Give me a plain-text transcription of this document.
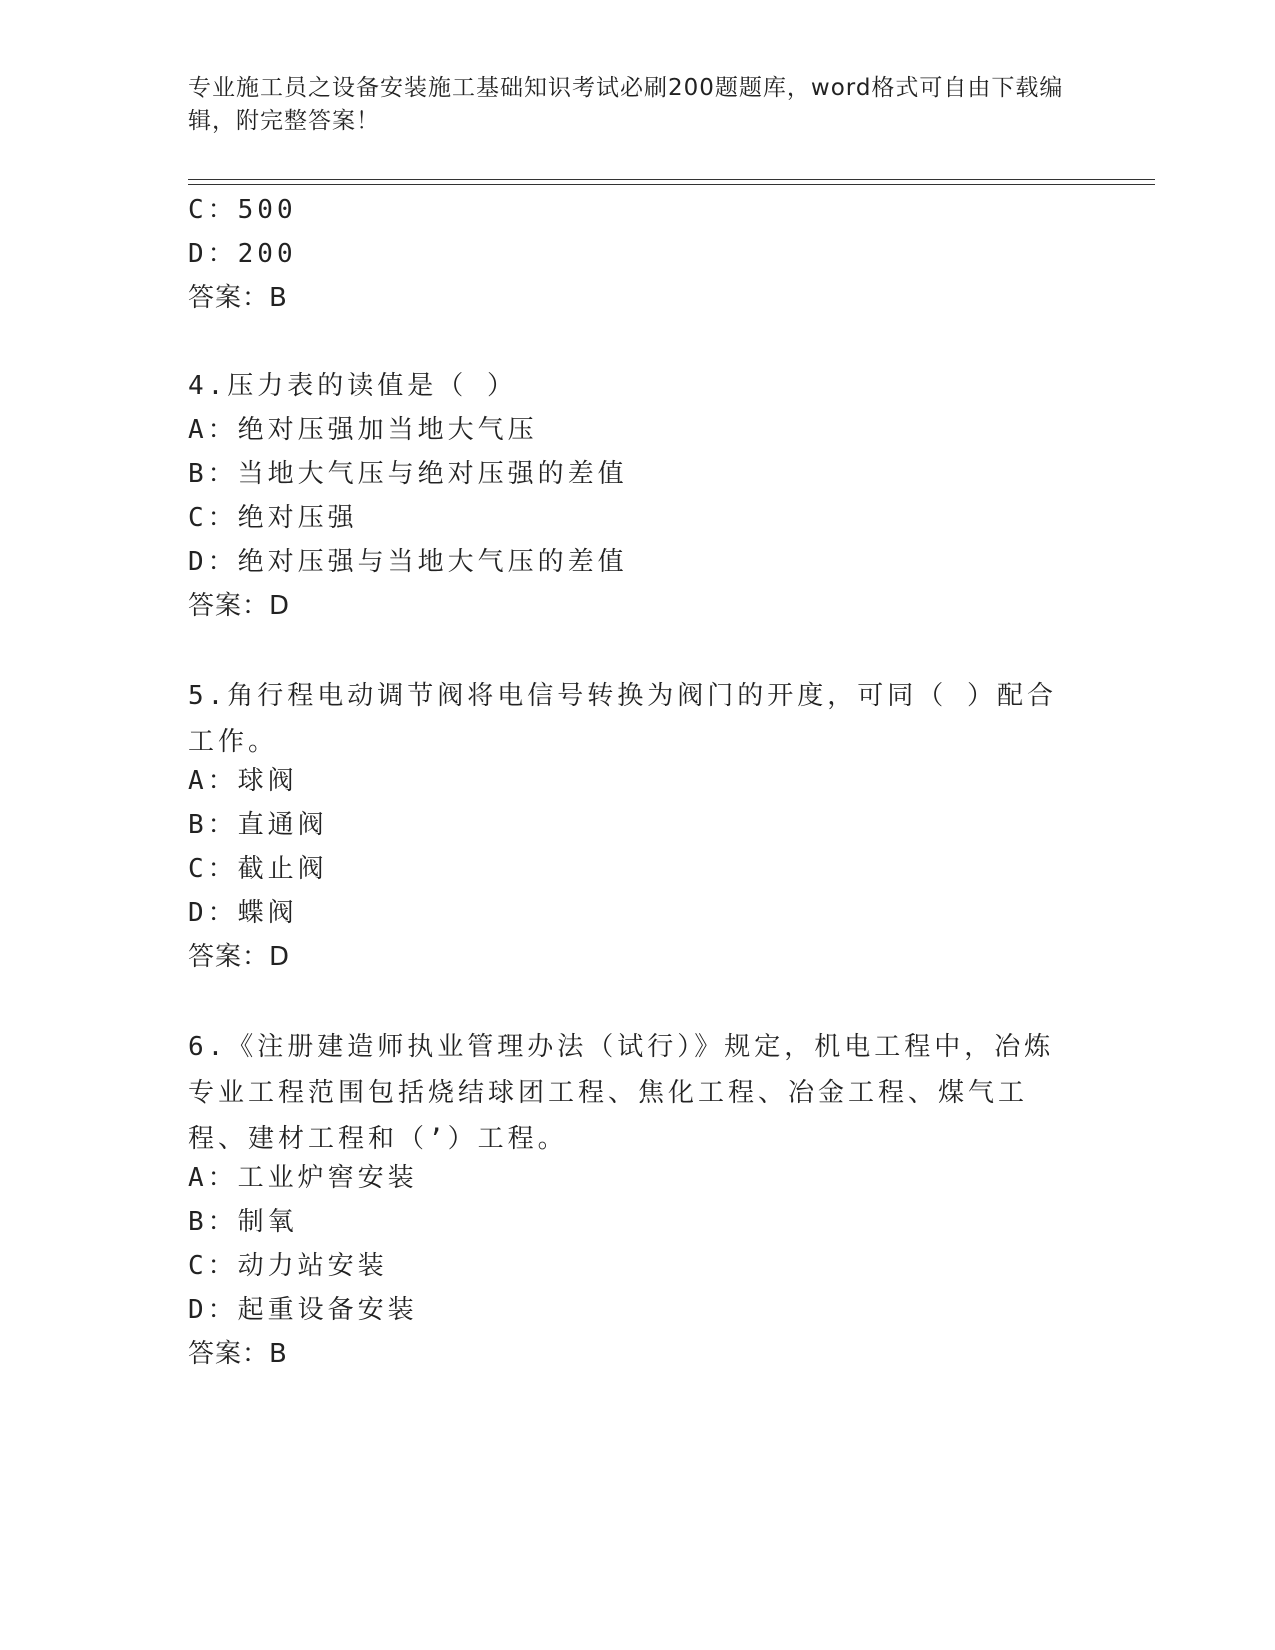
专业施工员之设备安装施工基础知识考试必刷200题题库，word格式可自由下载编辑，附完整答案！
C：500
D：200
答案：B
4.压力表的读值是（ ）
A：绝对压强加当地大气压
B：当地大气压与绝对压强的差值
C：绝对压强
D：绝对压强与当地大气压的差值
答案：D
5.角行程电动调节阀将电信号转换为阀门的开度，可同（ ）配合工作。
A：球阀
B：直通阀
C：截止阀
D：蝶阀
答案：D
6.《注册建造师执业管理办法（试行）》规定，机电工程中，冶炼专业工程范围包括烧结球团工程、焦化工程、冶金工程、煤气工程、建材工程和（’）工程。
A：工业炉窖安装
B：制氧
C：动力站安装
D：起重设备安装
答案：B
